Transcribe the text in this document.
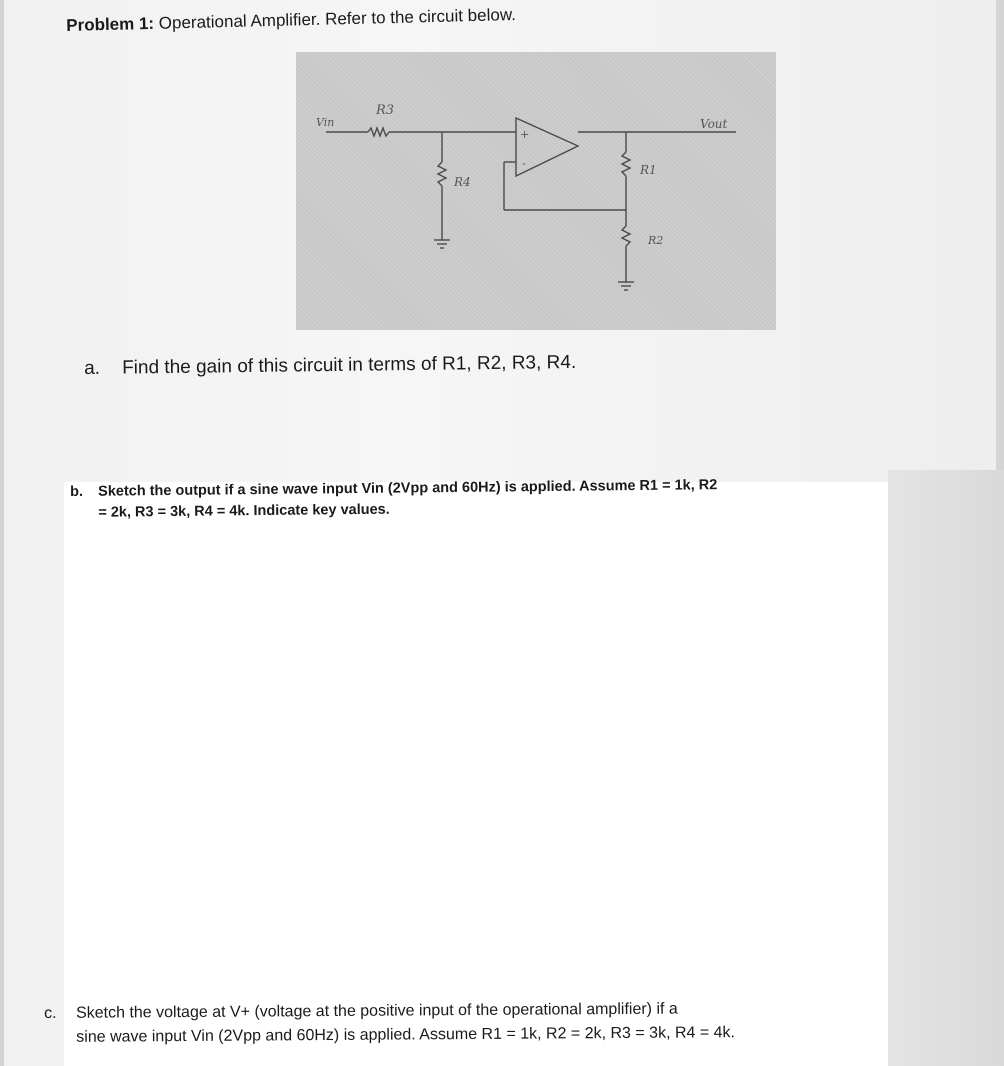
Problem 1: Operational Amplifier. Refer to the circuit below.
Vin
R3
R4
R1
R2
Vout
+
-

a. Find the gain of this circuit in terms of R1, R2, R3, R4.

b. Sketch the output if a sine wave input Vin (2Vpp and 60Hz) is applied. Assume R1 = 1k, R2
= 2k, R3 = 3k, R4 = 4k. Indicate key values.

c. Sketch the voltage at V+ (voltage at the positive input of the operational amplifier) if a
sine wave input Vin (2Vpp and 60Hz) is applied. Assume R1 = 1k, R2 = 2k, R3 = 3k, R4 = 4k.
